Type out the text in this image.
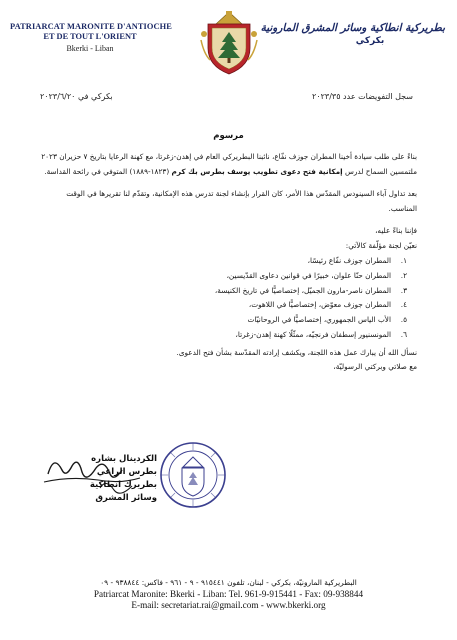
PATRIARCAT MARONITE D'ANTIOCHE
ET DE TOUT L'ORIENT
Bkerki - Liban
بطريركية انطاكية وسائر المشرق المارونية
بكركي
سجل التفويضات عدد ٢٠٢٣/٣٥
بكركي في ٢٠٢٣/٦/٢٠
مرسوم

بناءً على طلب سيادة أخينا المطران جوزف نفّاع، نائبنا البطريركي العام في إهدن-زغرتا، مع كهنة الرعايا بتاريخ ٧ حزيران ٢٠٢٣ ملتمسين السماح لدرس إمكانية فتح دعوى تطويب يوسف بطرس بك كرم (١٨٢٣-١٨٨٩) المتوفي في رائحة القداسة.

بعد تداول آباء السينودس المقدّس هذا الأمر، كان القرار بإنشاء لجنة تدرس هذه الإمكانية، وتقدّم لنا تقريرها في الوقت المناسب.

فإننا بناءً عليه،
نعيّن لجنة مؤلّفة كالآتي:
١.
المطران جوزف نفّاع رئيسًا،
٢.
المطران حنّا علوان، خبيرًا في قوانين دعاوى القدّيسين،
٣.
المطران ناصر-مارون الجميّل، إختصاصيًّا في تاريخ الكنيسة،
٤.
المطران جوزف معوّض، إختصاصيًّا في اللاهوت،
٥.
الأب الياس الجمهوري، إختصاصيًّا في الروحانيّات
٦.
المونسنيور إسطفان فرنجيّه، ممثّلًا كهنة إهدن-زغرتا،
نسأل الله أن يبارك عمل هذه اللجنة، ويكشف إرادته المقدّسة بشأن فتح الدعوى.
مع صلاتي وبركتي الرسوليّة،
الكردينال بشاره بطرس الراعي
بطريرك انطاكية وسائر المشرق
البطريركية المارونيّة، بكركي - لبنان، تلفون ٩١٥٤٤١ - ٩ - ٩٦١ - فاكس: ٩٣٨٨٤٤ - ٠٩
Patriarcat Maronite: Bkerki - Liban: Tel. 961-9-915441 - Fax: 09-938844
E-mail: secretariat.rai@gmail.com - www.bkerki.org
